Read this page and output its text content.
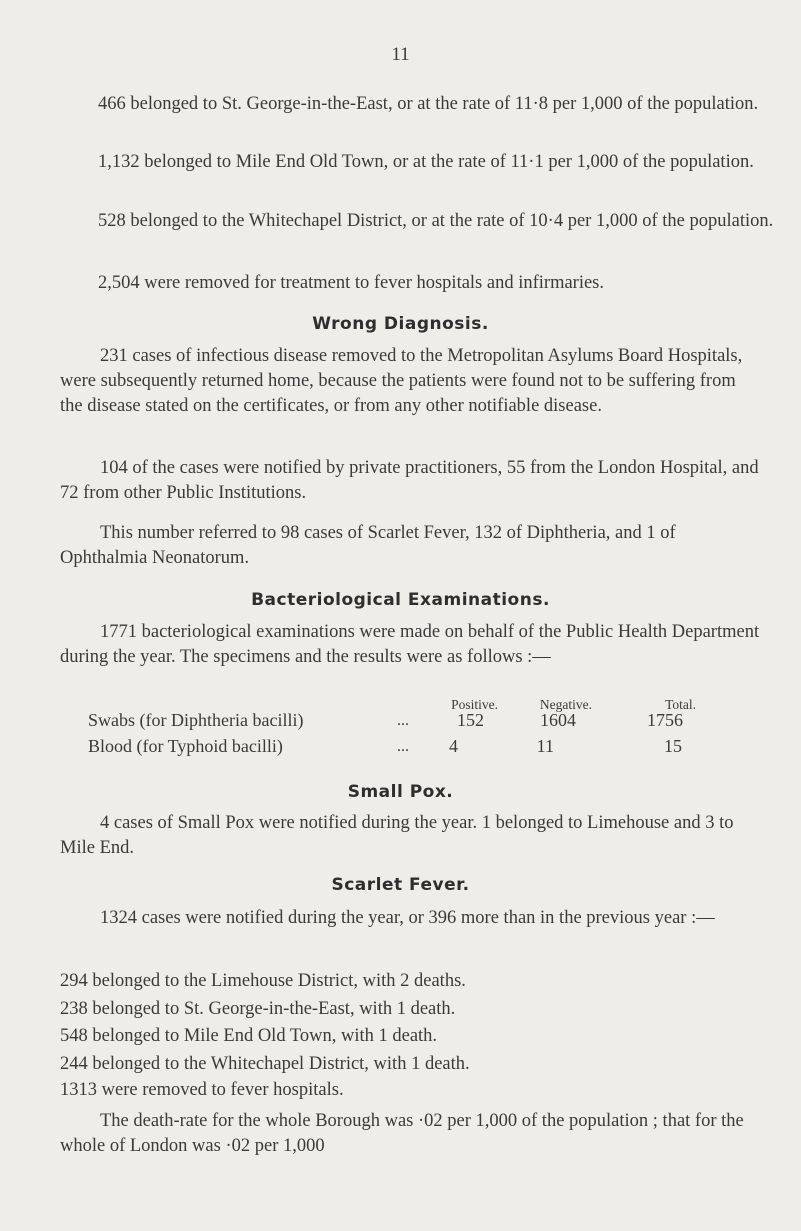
11
466 belonged to St. George-in-the-East, or at the rate of 11·8 per 1,000 of the population.
1,132 belonged to Mile End Old Town, or at the rate of 11·1 per 1,000 of the population.
528 belonged to the Whitechapel District, or at the rate of 10·4 per 1,000 of the population.
2,504 were removed for treatment to fever hospitals and infirmaries.
Wrong Diagnosis.
231 cases of infectious disease removed to the Metropolitan Asylums Board Hospitals, were subsequently returned home, because the patients were found not to be suffering from the disease stated on the certificates, or from any other notifiable disease.
104 of the cases were notified by private practitioners, 55 from the London Hospital, and 72 from other Public Institutions.
This number referred to 98 cases of Scarlet Fever, 132 of Diphtheria, and 1 of Ophthalmia Neonatorum.
Bacteriological Examinations.
1771 bacteriological examinations were made on behalf of the Public Health Department during the year. The specimens and the results were as follows :—
Positive.	Negative.	Total.
Swabs (for Diphtheria bacilli)	...	152	1604	1756
Blood (for Typhoid bacilli)	...	4	11	15
Small Pox.
4 cases of Small Pox were notified during the year. 1 belonged to Limehouse and 3 to Mile End.
Scarlet Fever.
1324 cases were notified during the year, or 396 more than in the previous year :—
294 belonged to the Limehouse District, with 2 deaths.
238 belonged to St. George-in-the-East, with 1 death.
548 belonged to Mile End Old Town, with 1 death.
244 belonged to the Whitechapel District, with 1 death.
1313 were removed to fever hospitals.
The death-rate for the whole Borough was ·02 per 1,000 of the population ; that for the whole of London was ·02 per 1,000
